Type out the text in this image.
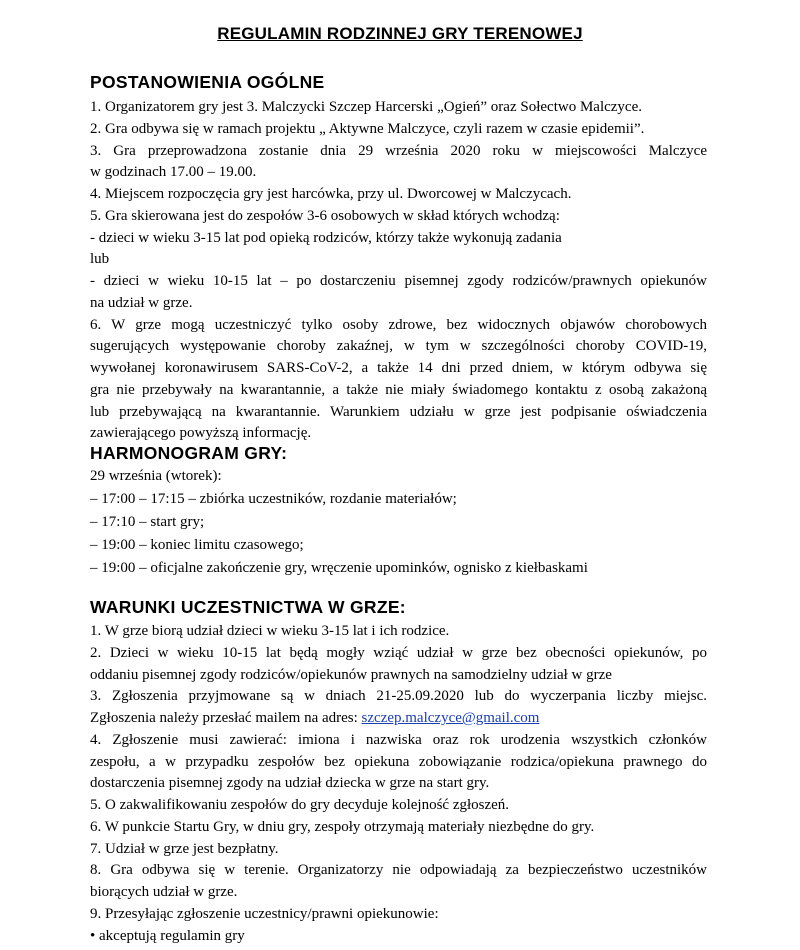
REGULAMIN RODZINNEJ GRY TERENOWEJ
POSTANOWIENIA OGÓLNE
1. Organizatorem gry jest 3. Malczycki Szczep Harcerski „Ogień” oraz Sołectwo Malczyce.
2. Gra odbywa się w ramach projektu „ Aktywne Malczyce, czyli razem w czasie epidemii”.
3. Gra przeprowadzona zostanie dnia 29 września 2020 roku w miejscowości Malczyce
w godzinach 17.00 – 19.00.
4. Miejscem rozpoczęcia gry jest harcówka, przy ul. Dworcowej w Malczycach.
5. Gra skierowana jest do zespołów 3-6 osobowych w skład których wchodzą:
- dzieci w wieku 3-15 lat pod opieką rodziców, którzy także wykonują zadania
lub
- dzieci w wieku 10-15 lat – po dostarczeniu pisemnej zgody rodziców/prawnych opiekunów
na udział w grze.
6. W grze mogą uczestniczyć tylko osoby zdrowe, bez widocznych objawów chorobowych
sugerujących występowanie choroby zakaźnej, w tym w szczególności choroby COVID-19,
wywołanej koronawirusem SARS-CoV-2, a także 14 dni przed dniem, w którym odbywa się
gra nie przebywały na kwarantannie, a także nie miały świadomego kontaktu z osobą zakażoną
lub przebywającą na kwarantannie. Warunkiem udziału w grze jest podpisanie oświadczenia
zawierającego powyższą informację.
HARMONOGRAM GRY:
29 września (wtorek):
– 17:00 – 17:15 – zbiórka uczestników, rozdanie materiałów;
– 17:10 – start gry;
– 19:00 – koniec limitu czasowego;
– 19:00 – oficjalne zakończenie gry, wręczenie upominków, ognisko z kiełbaskami
WARUNKI UCZESTNICTWA W GRZE:
1. W grze biorą udział dzieci w wieku 3-15 lat i ich rodzice.
2. Dzieci w wieku 10-15 lat będą mogły wziąć udział w grze bez obecności opiekunów, po
oddaniu pisemnej zgody rodziców/opiekunów prawnych na samodzielny udział w grze
3. Zgłoszenia przyjmowane są w dniach 21-25.09.2020 lub do wyczerpania liczby miejsc.
Zgłoszenia należy przesłać mailem na adres: szczep.malczyce@gmail.com
4. Zgłoszenie musi zawierać: imiona i nazwiska oraz rok urodzenia wszystkich członków
zespołu, a w przypadku zespołów bez opiekuna zobowiązanie rodzica/opiekuna prawnego do
dostarczenia pisemnej zgody na udział dziecka w grze na start gry.
5. O zakwalifikowaniu zespołów do gry decyduje kolejność zgłoszeń.
6. W punkcie Startu Gry, w dniu gry, zespoły otrzymają materiały niezbędne do gry.
7. Udział w grze jest bezpłatny.
8. Gra odbywa się w terenie. Organizatorzy nie odpowiadają za bezpieczeństwo uczestników
biorących udział w grze.
9. Przesyłając zgłoszenie uczestnicy/prawni opiekunowie:
• akceptują regulamin gry
